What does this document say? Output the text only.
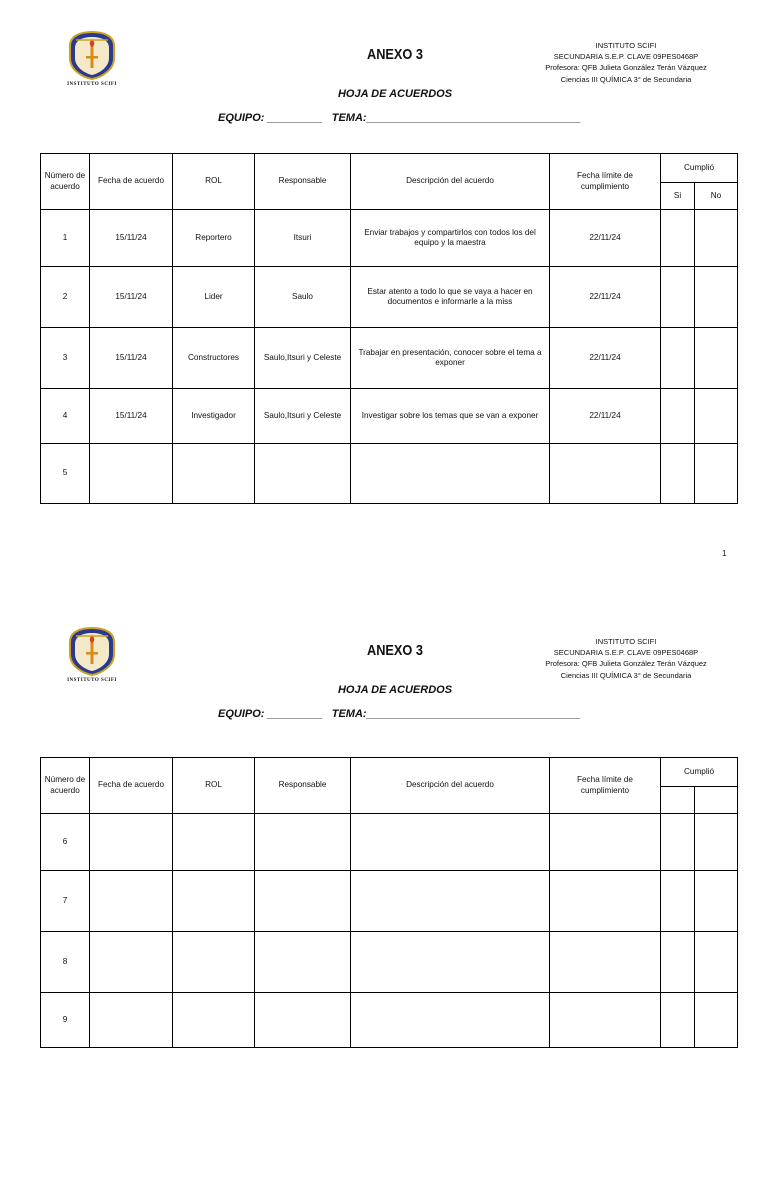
INSTITUTO SCIFI
ANEXO 3
INSTITUTO SCIFI
SECUNDARIA S.E.P. CLAVE 09PES0468P
Profesora: QFB Julieta González Terán Vázquez
Ciencias III QUÍMICA 3° de Secundaria
HOJA DE ACUERDOS
EQUIPO: _________ TEMA:___________________________________
Número de acuerdo	Fecha de acuerdo	ROL	Responsable	Descripción del acuerdo	Fecha límite de cumplimiento	Cumplió	
						Si	No
1	15/11/24	Reportero	Itsuri	Enviar trabajos y compartirlos con todos los del equipo y la maestra	22/11/24		
2	15/11/24	Lider	Saulo	Estar atento a todo lo que se vaya a hacer en documentos e informarle a la miss	22/11/24		
3	15/11/24	Constructores	Saulo,Itsuri y Celeste	Trabajar en presentación, conocer sobre el tema a exponer	22/11/24		
4	15/11/24	Investigador	Saulo,Itsuri y Celeste	Investigar sobre los temas que se van a exponer	22/11/24		
5							
1
INSTITUTO SCIFI
ANEXO 3
INSTITUTO SCIFI
SECUNDARIA S.E.P. CLAVE 09PES0468P
Profesora: QFB Julieta González Terán Vázquez
Ciencias III QUÍMICA 3° de Secundaria
HOJA DE ACUERDOS
EQUIPO: _________ TEMA:___________________________________
Número de acuerdo	Fecha de acuerdo	ROL	Responsable	Descripción del acuerdo	Fecha límite de cumplimiento	Cumplió	

6							
7							
8							
9							
